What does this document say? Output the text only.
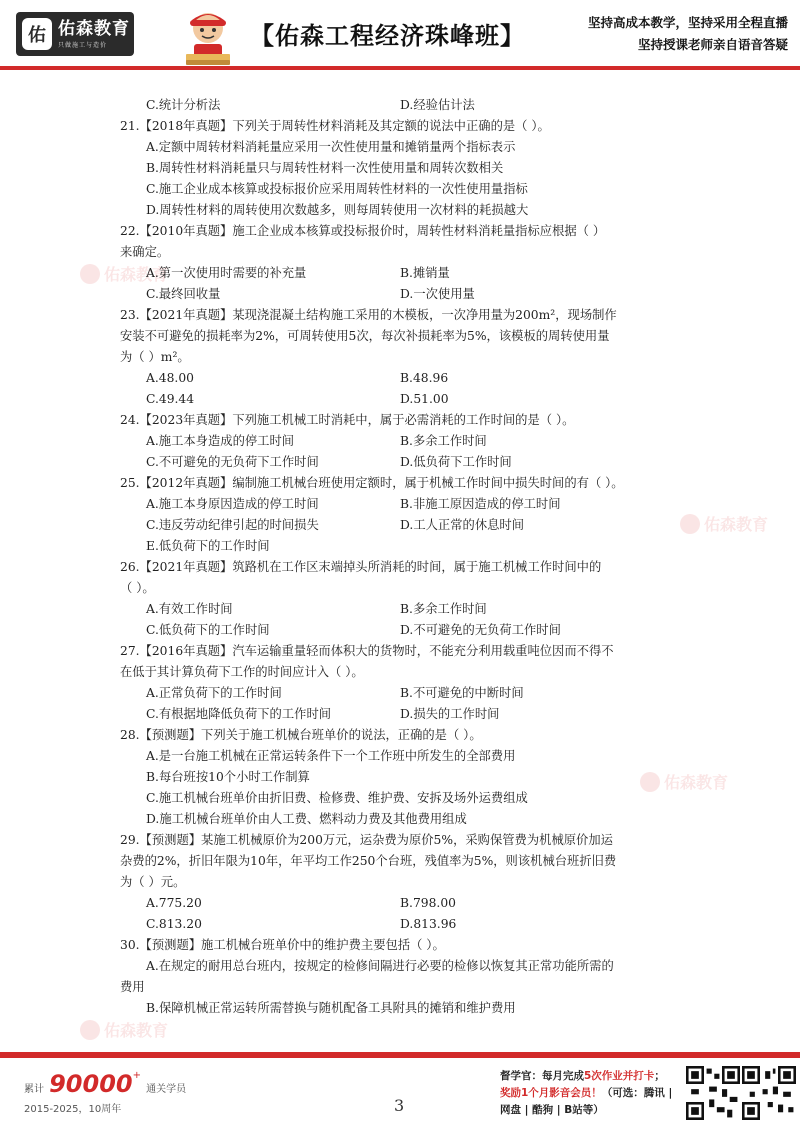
佑 佑森教育
只做施工与造价	【佑森工程经济珠峰班】	坚持高成本教学，坚持采用全程直播
坚持授课老师亲自语音答疑
佑森教育
佑森教育
佑森教育
佑森教育
C.统计分析法	D.经验估计法
21.【2018年真题】下列关于周转性材料消耗及其定额的说法中正确的是（ ）。
A.定额中周转材料消耗量应采用一次性使用量和摊销量两个指标表示
B.周转性材料消耗量只与周转性材料一次性使用量和周转次数相关
C.施工企业成本核算或投标报价应采用周转性材料的一次性使用量指标
D.周转性材料的周转使用次数越多，则每周转使用一次材料的耗损越大
22.【2010年真题】施工企业成本核算或投标报价时，周转性材料消耗量指标应根据（ ）
来确定。
A.第一次使用时需要的补充量	B.摊销量
C.最终回收量	D.一次使用量
23.【2021年真题】某现浇混凝土结构施工采用的木模板，一次净用量为200m²，现场制作
安装不可避免的损耗率为2%，可周转使用5次，每次补损耗率为5%，该模板的周转使用量
为（ ）m²。
A.48.00	B.48.96
C.49.44	D.51.00
24.【2023年真题】下列施工机械工时消耗中，属于必需消耗的工作时间的是（ ）。
A.施工本身造成的停工时间	B.多余工作时间
C.不可避免的无负荷下工作时间	D.低负荷下工作时间
25.【2012年真题】编制施工机械台班使用定额时，属于机械工作时间中损失时间的有（ ）。
A.施工本身原因造成的停工时间	B.非施工原因造成的停工时间
C.违反劳动纪律引起的时间损失	D.工人正常的休息时间
E.低负荷下的工作时间
26.【2021年真题】筑路机在工作区末端掉头所消耗的时间，属于施工机械工作时间中的
（ ）。
A.有效工作时间	B.多余工作时间
C.低负荷下的工作时间	D.不可避免的无负荷工作时间
27.【2016年真题】汽车运输重量轻而体积大的货物时，不能充分利用载重吨位因而不得不
在低于其计算负荷下工作的时间应计入（ ）。
A.正常负荷下的工作时间	B.不可避免的中断时间
C.有根据地降低负荷下的工作时间	D.损失的工作时间
28.【预测题】下列关于施工机械台班单价的说法，正确的是（ ）。
A.是一台施工机械在正常运转条件下一个工作班中所发生的全部费用
B.每台班按10个小时工作制算
C.施工机械台班单价由折旧费、检修费、维护费、安拆及场外运费组成
D.施工机械台班单价由人工费、燃料动力费及其他费用组成
29.【预测题】某施工机械原价为200万元，运杂费为原价5%，采购保管费为机械原价加运
杂费的2%，折旧年限为10年，年平均工作250个台班，残值率为5%，则该机械台班折旧费
为（ ）元。
A.775.20	B.798.00
C.813.20	D.813.96
30.【预测题】施工机械台班单价中的维护费主要包括（ ）。
A.在规定的耐用总台班内，按规定的检修间隔进行必要的检修以恢复其正常功能所需的
费用
B.保障机械正常运转所需替换与随机配备工具附具的摊销和维护费用
累计 90000+ 通关学员
2015-2025，10周年	3
督学官：每月完成5次作业并打卡；
奖励1个月影音会员！（可选：腾讯 |
网盘 | 酷狗 | B站等）
